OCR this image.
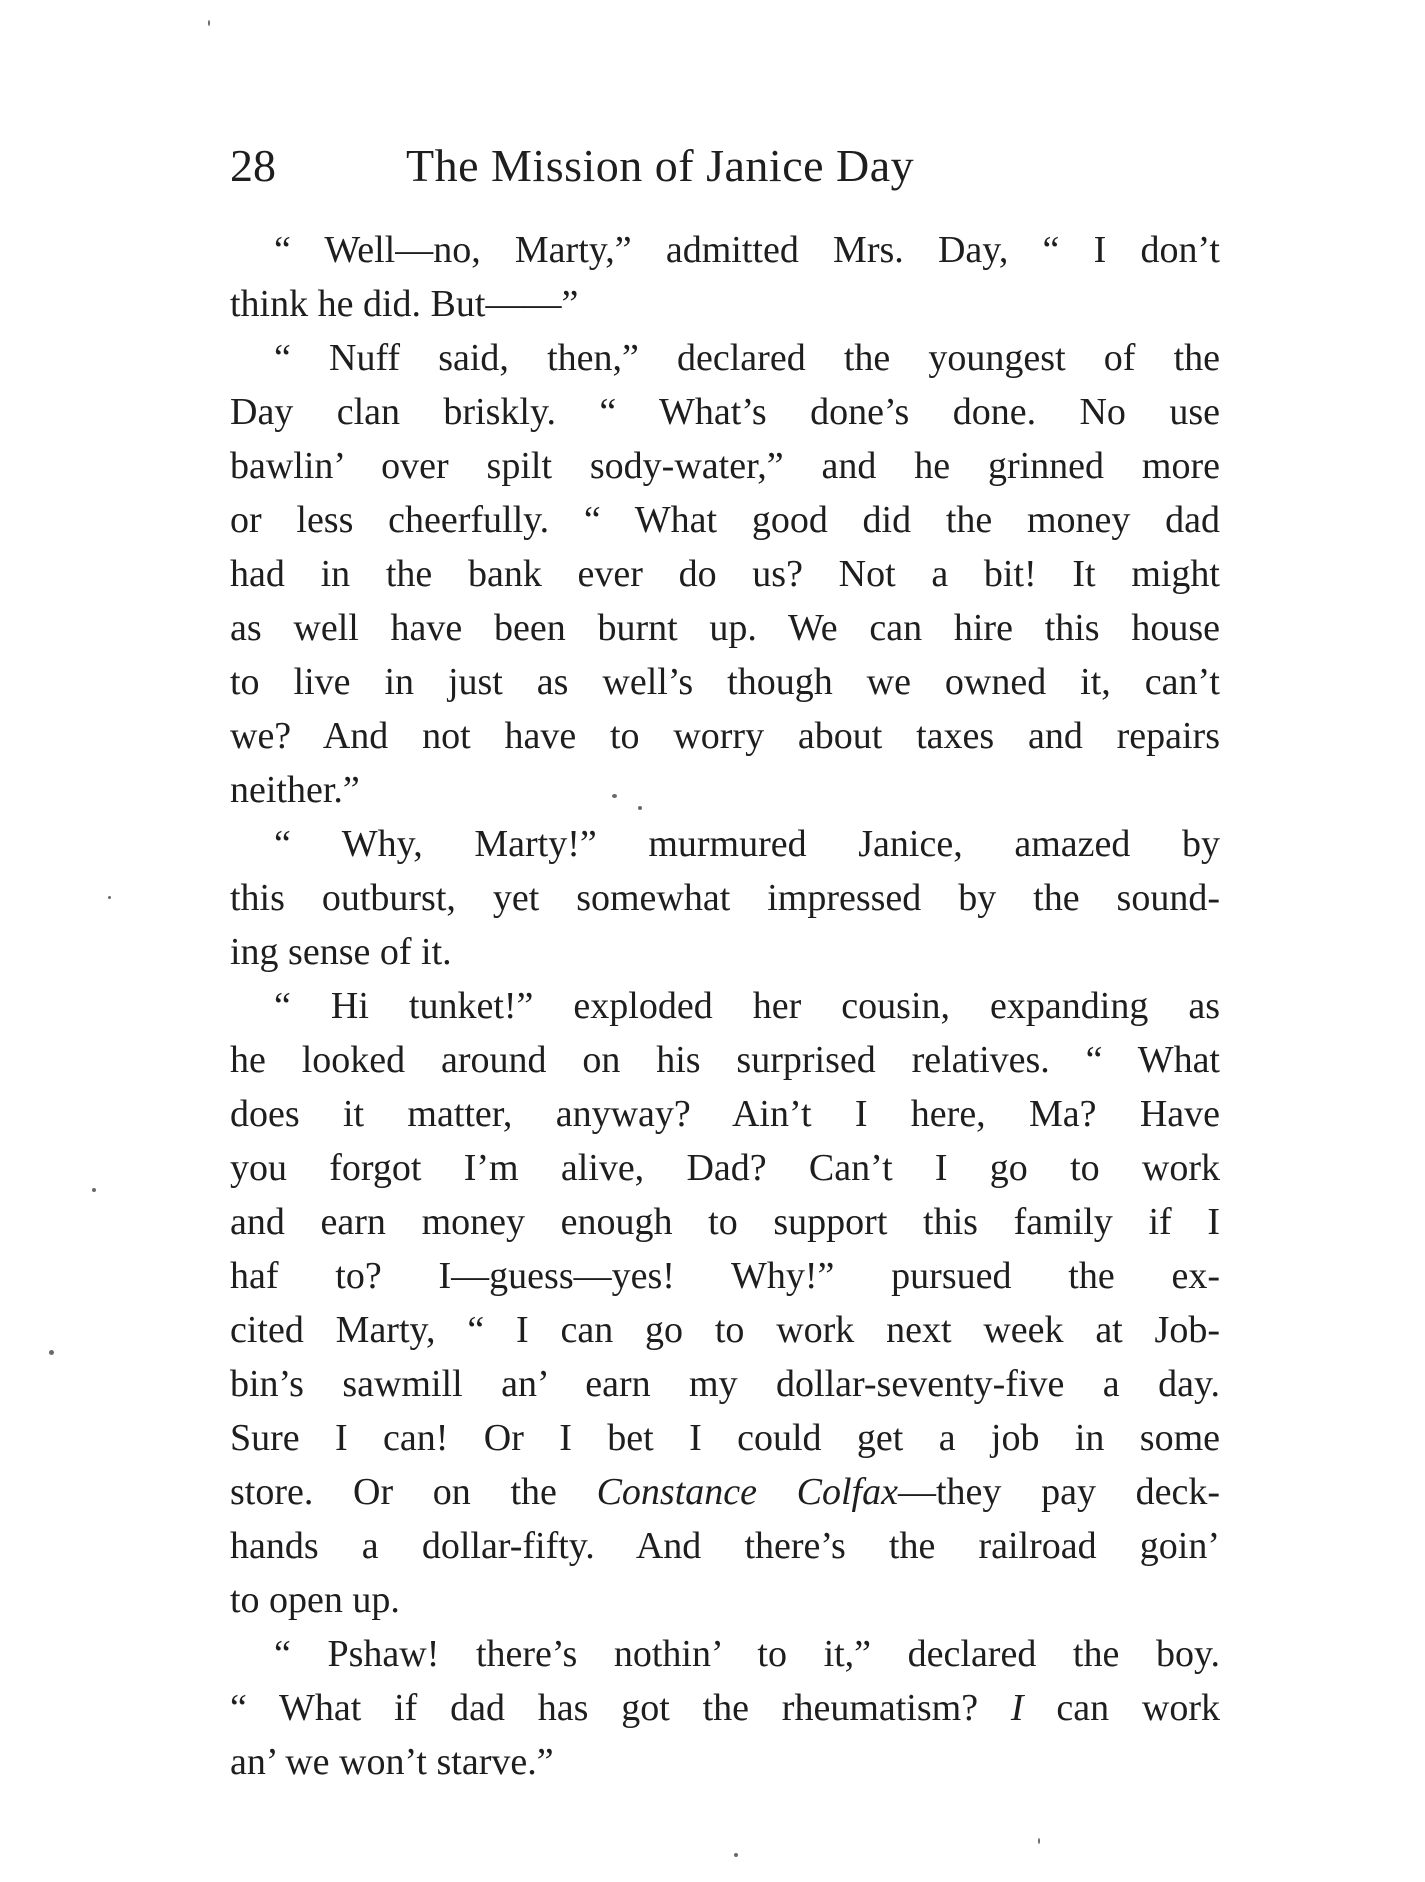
28	The Mission of Janice Day
“ Well—no, Marty,” admitted Mrs. Day, “ I don’t
think he did. But——”
“ Nuff said, then,” declared the youngest of the
Day clan briskly. “ What’s done’s done. No use
bawlin’ over spilt sody-water,” and he grinned more
or less cheerfully. “ What good did the money dad
had in the bank ever do us? Not a bit! It might
as well have been burnt up. We can hire this house
to live in just as well’s though we owned it, can’t
we? And not have to worry about taxes and repairs
neither.”
“ Why, Marty!” murmured Janice, amazed by
this outburst, yet somewhat impressed by the sound-
ing sense of it.
“ Hi tunket!” exploded her cousin, expanding as
he looked around on his surprised relatives. “ What
does it matter, anyway? Ain’t I here, Ma? Have
you forgot I’m alive, Dad? Can’t I go to work
and earn money enough to support this family if I
haf to? I—guess—yes! Why!” pursued the ex-
cited Marty, “ I can go to work next week at Job-
bin’s sawmill an’ earn my dollar-seventy-five a day.
Sure I can! Or I bet I could get a job in some
store. Or on the Constance Colfax—they pay deck-
hands a dollar-fifty. And there’s the railroad goin’
to open up.
“ Pshaw! there’s nothin’ to it,” declared the boy.
“ What if dad has got the rheumatism? I can work
an’ we won’t starve.”
